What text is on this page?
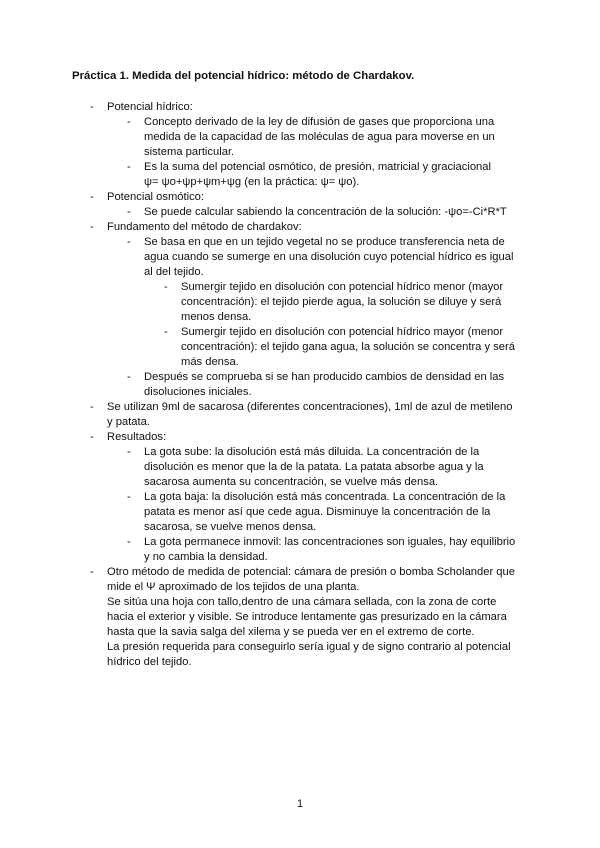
Práctica 1. Medida del potencial hídrico: método de Chardakov.
- Potencial hídrico:
- Concepto derivado de la ley de difusión de gases que proporciona una medida de la capacidad de las moléculas de agua para moverse en un sistema particular.
- Es la suma del potencial osmótico, de presión, matricial y graciacional
ψ= ψo+ψp+ψm+ψg (en la práctica: ψ= ψo).
- Potencial osmótico:
- Se puede calcular sabiendo la concentración de la solución: -ψo=-Ci*R*T
- Fundamento del método de chardakov:
- Se basa en que en un tejido vegetal no se produce transferencia neta de agua cuando se sumerge en una disolución cuyo potencial hídrico es igual al del tejido.
- Sumergir tejido en disolución con potencial hídrico menor (mayor concentración): el tejido pierde agua, la solución se diluye y será menos densa.
- Sumergir tejido en disolución con potencial hídrico mayor (menor concentración): el tejido gana agua, la solución se concentra y será más densa.
- Después se comprueba si se han producido cambios de densidad en las disoluciones iniciales.
- Se utilizan 9ml de sacarosa (diferentes concentraciones), 1ml de azul de metileno y patata.
- Resultados:
- La gota sube: la disolución está más diluida. La concentración de la disolución es menor que la de la patata. La patata absorbe agua y la sacarosa aumenta su concentración, se vuelve más densa.
- La gota baja: la disolución está más concentrada. La concentración de la patata es menor así que cede agua. Disminuye la concentración de la sacarosa, se vuelve menos densa.
- La gota permanece inmovil: las concentraciones son iguales, hay equilibrio y no cambia la densidad.
- Otro método de medida de potencial: cámara de presión o bomba Scholander que mide el Ψ aproximado de los tejidos de una planta.
Se sitúa una hoja con tallo,dentro de una cámara sellada, con la zona de corte hacia el exterior y visible. Se introduce lentamente gas presurizado en la cámara hasta que la savia salga del xilema y se pueda ver en el extremo de corte.
La presión requerida para conseguirlo sería igual y de signo contrario al potencial hídrico del tejido.
1
